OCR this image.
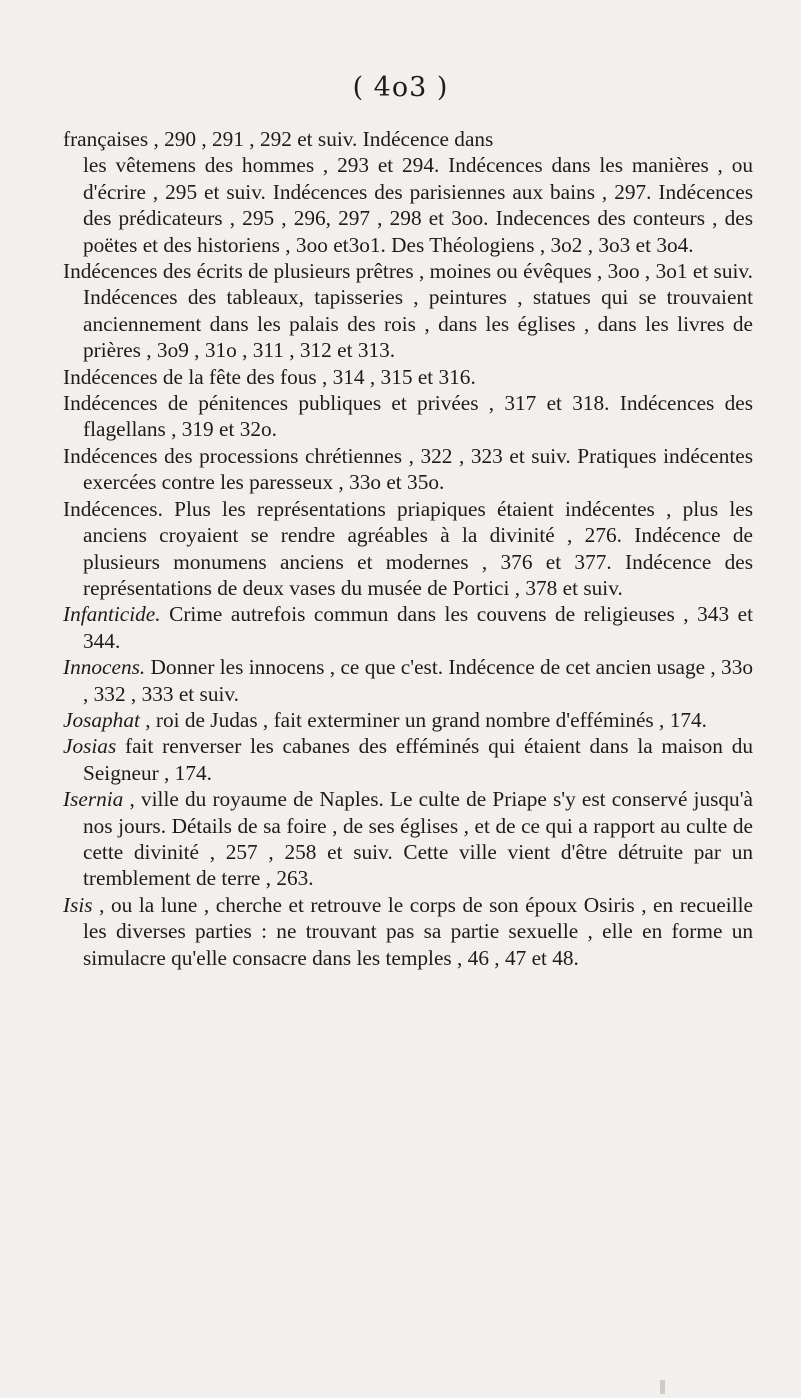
( 4o3 )

françaises , 290 , 291 , 292 et suiv. Indécence dans

les vêtemens des hommes , 293 et 294. Indécences dans les manières , ou d'écrire , 295 et suiv. Indécences des parisiennes aux bains , 297. Indécences des prédicateurs , 295 , 296, 297 , 298 et 3oo. Indecences des conteurs , des poëtes et des historiens , 3oo et3o1. Des Théologiens , 3o2 , 3o3 et 3o4.

Indécences des écrits de plusieurs prêtres , moines ou évêques , 3oo , 3o1 et suiv. Indécences des tableaux, tapisseries , peintures , statues qui se trouvaient anciennement dans les palais des rois , dans les églises , dans les livres de prières , 3o9 , 31o , 311 , 312 et 313.

Indécences de la fête des fous , 314 , 315 et 316.

Indécences de pénitences publiques et privées , 317 et 318. Indécences des flagellans , 319 et 32o.

Indécences des processions chrétiennes , 322 , 323 et suiv. Pratiques indécentes exercées contre les paresseux , 33o et 35o.

Indécences. Plus les représentations priapiques étaient indécentes , plus les anciens croyaient se rendre agréables à la divinité , 276. Indécence de plusieurs monumens anciens et modernes , 376 et 377. Indécence des représentations de deux vases du musée de Portici , 378 et suiv.

Infanticide. Crime autrefois commun dans les couvens de religieuses , 343 et 344.

Innocens. Donner les innocens , ce que c'est. Indécence de cet ancien usage , 33o , 332 , 333 et suiv.

Josaphat , roi de Judas , fait exterminer un grand nombre d'efféminés , 174.

Josias fait renverser les cabanes des efféminés qui étaient dans la maison du Seigneur , 174.

Isernia , ville du royaume de Naples. Le culte de Priape s'y est conservé jusqu'à nos jours. Détails de sa foire , de ses églises , et de ce qui a rapport au culte de cette divinité , 257 , 258 et suiv. Cette ville vient d'être détruite par un tremblement de terre , 263.

Isis , ou la lune , cherche et retrouve le corps de son époux Osiris , en recueille les diverses parties : ne trouvant pas sa partie sexuelle , elle en forme un simulacre qu'elle consacre dans les temples , 46 , 47 et 48.
